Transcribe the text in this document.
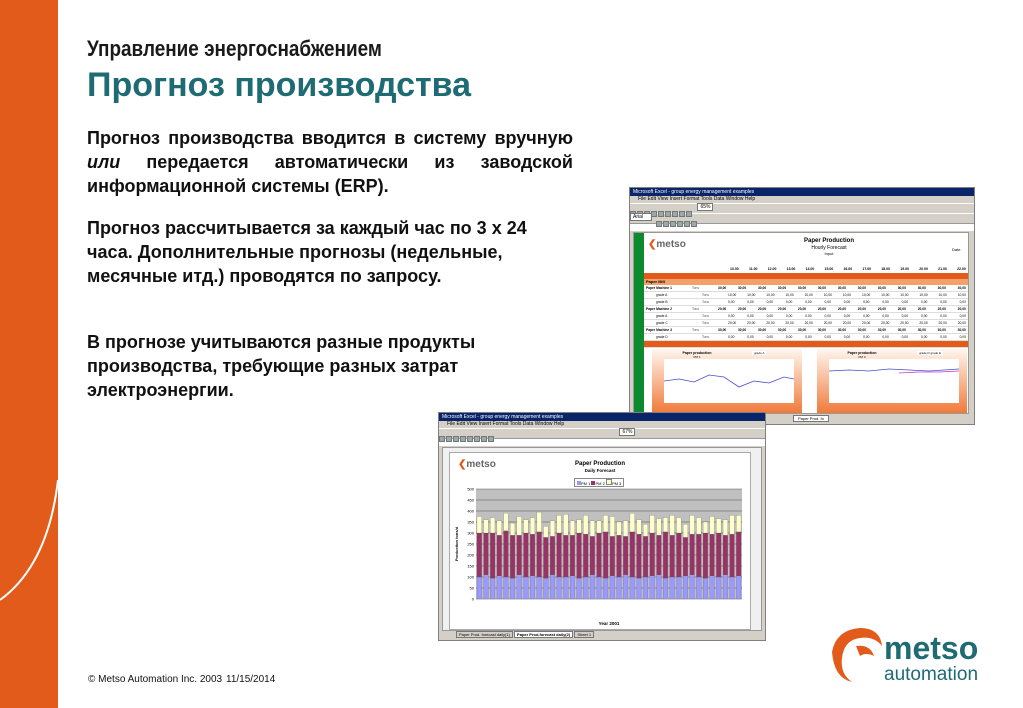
Управление энергоснабжением
Прогноз производства
Прогноз производства вводится в систему вручную или передается автоматически из заводской информационной системы (ERP).
Прогноз рассчитывается за каждый час по 3 х 24 часа. Дополнительные прогнозы (недельные, месячные итд.) проводятся по запросу.
В прогнозе учитываются разные продукты производства, требующие разных затрат электроэнергии.
Microsoft Excel - group energy management examples
File Edit View Insert Format Tools Data Window Help
$^{65\%}$
$^{Arial}$
❮metso	Paper Production
Hourly Forecast
Input
Date
10.00	11.00	12.00	13.00	14.00	15.00	16.00	17.00	18.00	19.00	20.00	21.00	22.00
Paper Mill
Paper Machine 1	Tons	30,00	30,00	30,00	30,00	30,00	30,00	30,00	30,00	30,00	30,00	30,00	30,00	30,00
grade A	Tons	10,00	10,00	10,00	10,00	10,00	10,00	10,00	10,00	10,00	10,00	10,00	10,00	10,00
grade B	Tons	0,00	0,00	0,00	0,00	0,00	0,00	0,00	0,00	0,00	0,00	0,00	0,00	0,00
Paper Machine 2	Tons	20,00	20,00	20,00	20,00	20,00	20,00	20,00	20,00	20,00	20,00	20,00	20,00	20,00
grade A	Tons	0,00	0,00	0,00	0,00	0,00	0,00	0,00	0,00	0,00	0,00	0,00	0,00	0,00
grade C	Tons	20,00	20,00	20,00	20,00	20,00	20,00	20,00	20,00	20,00	20,00	20,00	20,00	20,00
Paper Machine 3	Tons	30,00	30,00	30,00	30,00	30,00	30,00	30,00	30,00	30,00	30,00	30,00	30,00	30,00
grade D	Tons	0,00	0,00	0,00	0,00	0,00	0,00	0,00	0,00	0,00	0,00	0,00	0,00	0,00
Paper production
PM 1
grade A	Paper production
PM 3
grade D grade E
Paper Prod. fo
Microsoft Excel - group energy management examples
File Edit View Insert Format Tools Data Window Help
$^{67\%}$
❮metso	Paper Production
Daily Forecast
PM 1 PM 2 PM 3
0
50
100
150
200
250
300
350
400
450
500
Production tons/d
Year 2001
Paper Prod. forecast daily(1) Paper Prod.forecast daily(2) Sheet 1	metso
automation
© Metso Automation Inc. 2003 11/15/2014
